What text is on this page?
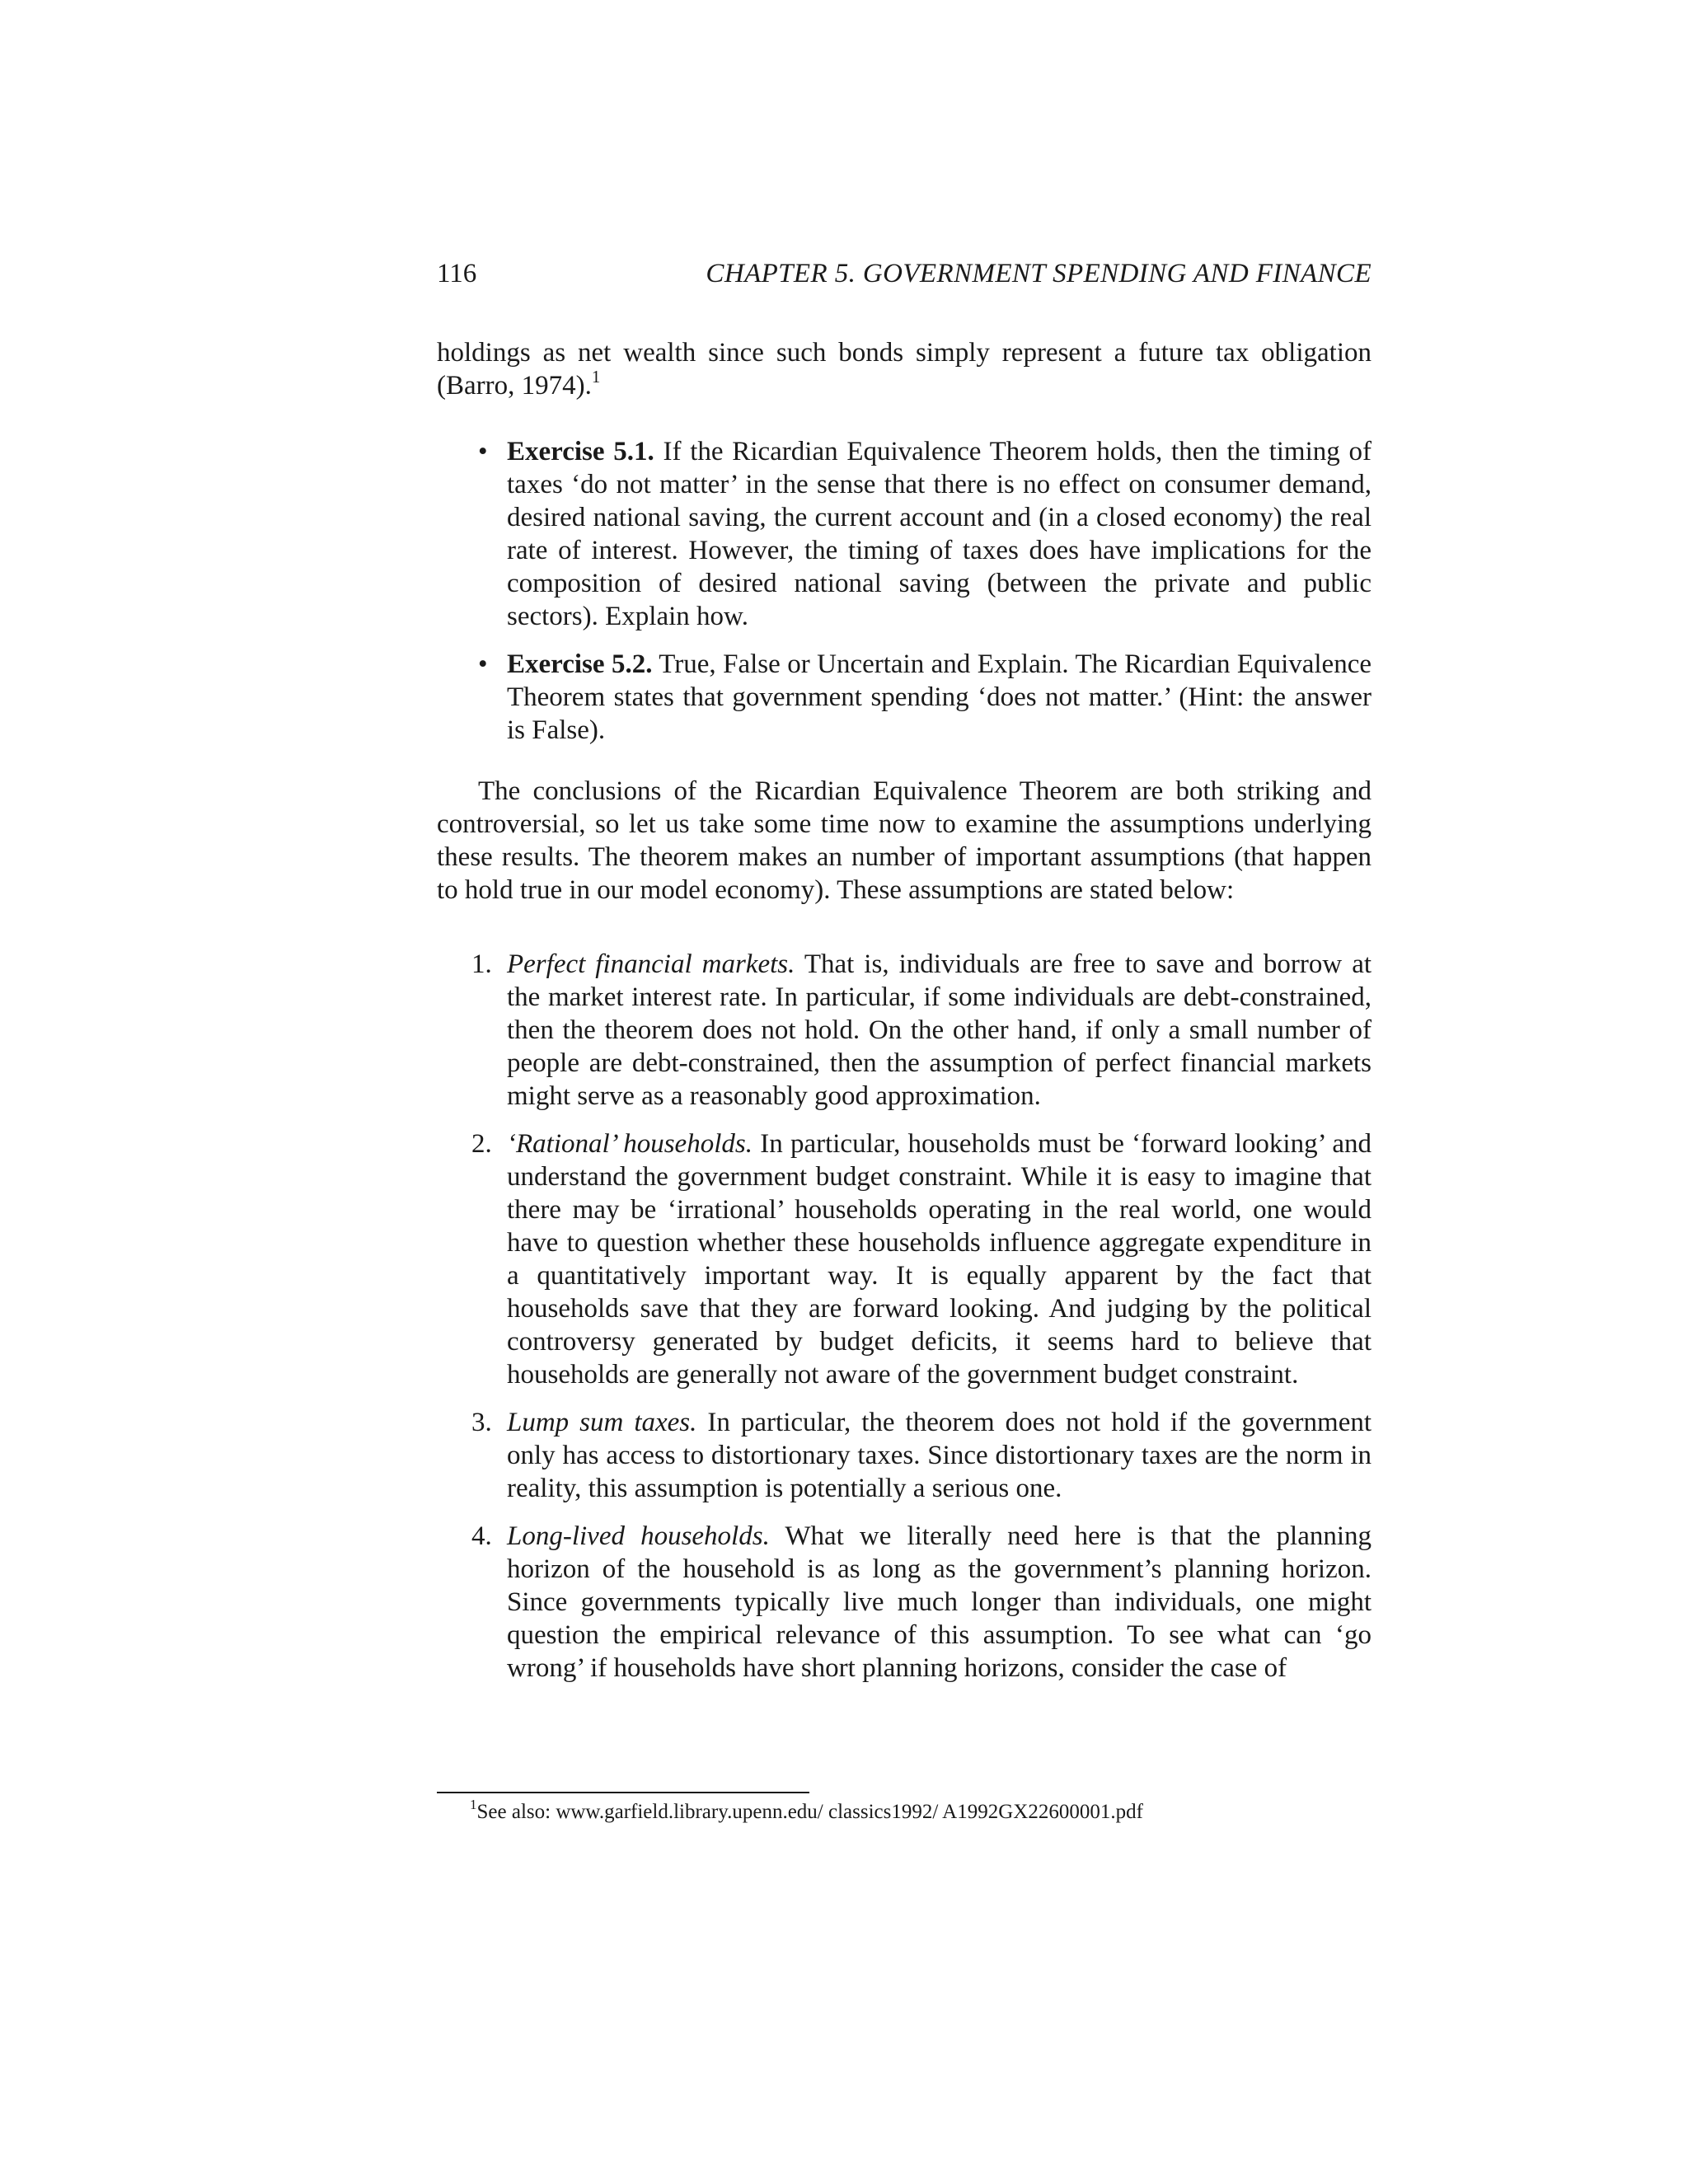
116	CHAPTER 5. GOVERNMENT SPENDING AND FINANCE

holdings as net wealth since such bonds simply represent a future tax obligation (Barro, 1974).$^1$

• Exercise 5.1. If the Ricardian Equivalence Theorem holds, then the timing of taxes ‘do not matter’ in the sense that there is no effect on consumer demand, desired national saving, the current account and (in a closed economy) the real rate of interest. However, the timing of taxes does have implications for the composition of desired national saving (between the private and public sectors). Explain how.
• Exercise 5.2. True, False or Uncertain and Explain. The Ricardian Equivalence Theorem states that government spending ‘does not matter.’ (Hint: the answer is False).

The conclusions of the Ricardian Equivalence Theorem are both striking and controversial, so let us take some time now to examine the assumptions underlying these results. The theorem makes an number of important assumptions (that happen to hold true in our model economy). These assumptions are stated below:

1. Perfect financial markets. That is, individuals are free to save and borrow at the market interest rate. In particular, if some individuals are debt-constrained, then the theorem does not hold. On the other hand, if only a small number of people are debt-constrained, then the assumption of perfect financial markets might serve as a reasonably good approximation.
2. ‘Rational’ households. In particular, households must be ‘forward looking’ and understand the government budget constraint. While it is easy to imagine that there may be ‘irrational’ households operating in the real world, one would have to question whether these households influence aggregate expenditure in a quantitatively important way. It is equally apparent by the fact that households save that they are forward looking. And judging by the political controversy generated by budget deficits, it seems hard to believe that households are generally not aware of the government budget constraint.
3. Lump sum taxes. In particular, the theorem does not hold if the government only has access to distortionary taxes. Since distortionary taxes are the norm in reality, this assumption is potentially a serious one.
4. Long-lived households. What we literally need here is that the planning horizon of the household is as long as the government’s planning horizon. Since governments typically live much longer than individuals, one might question the empirical relevance of this assumption. To see what can ‘go wrong’ if households have short planning horizons, consider the case of
$^1$See also: www.garfield.library.upenn.edu/ classics1992/ A1992GX22600001.pdf
